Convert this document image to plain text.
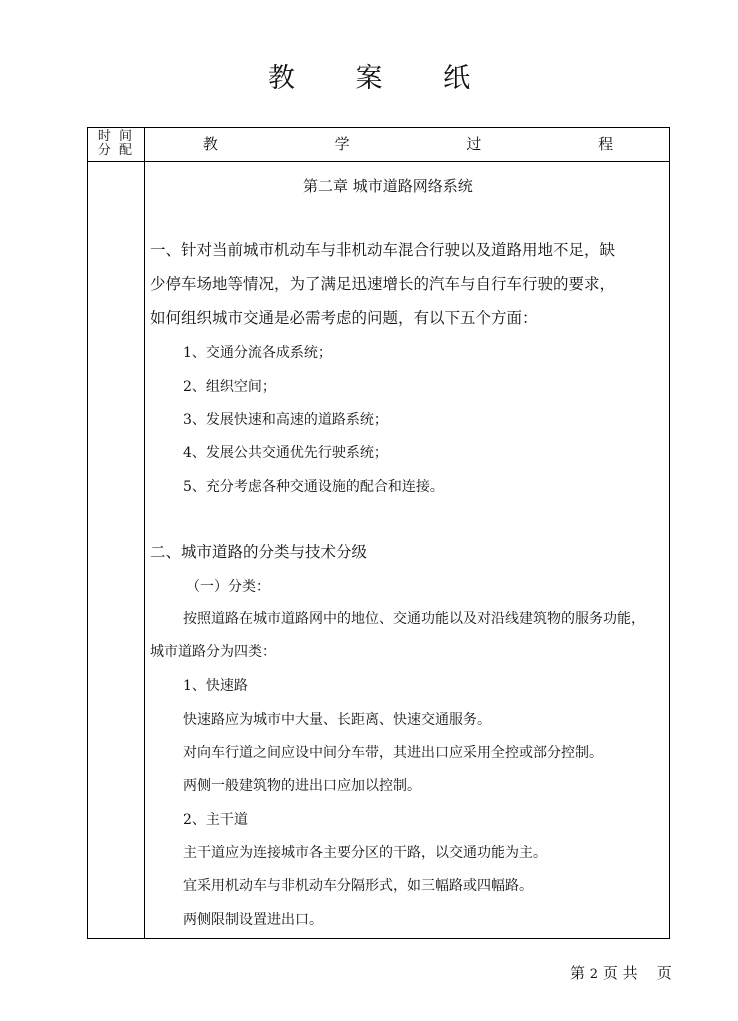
教 案 纸
时 间
分 配	教 学 过 程
第二章 城市道路网络系统
一、针对当前城市机动车与非机动车混合行驶以及道路用地不足，缺
少停车场地等情况，为了满足迅速增长的汽车与自行车行驶的要求，
如何组织城市交通是必需考虑的问题，有以下五个方面：
1、交通分流各成系统；
2、组织空间；
3、发展快速和高速的道路系统；
4、发展公共交通优先行驶系统；
5、充分考虑各种交通设施的配合和连接。
二、城市道路的分类与技术分级
（一）分类：
按照道路在城市道路网中的地位、交通功能以及对沿线建筑物的服务功能，
城市道路分为四类：
1、快速路
快速路应为城市中大量、长距离、快速交通服务。
对向车行道之间应设中间分车带，其进出口应采用全控或部分控制。
两侧一般建筑物的进出口应加以控制。
2、主干道
主干道应为连接城市各主要分区的干路，以交通功能为主。
宜采用机动车与非机动车分隔形式，如三幅路或四幅路。
两侧限制设置进出口。
第 2 页 共 页
